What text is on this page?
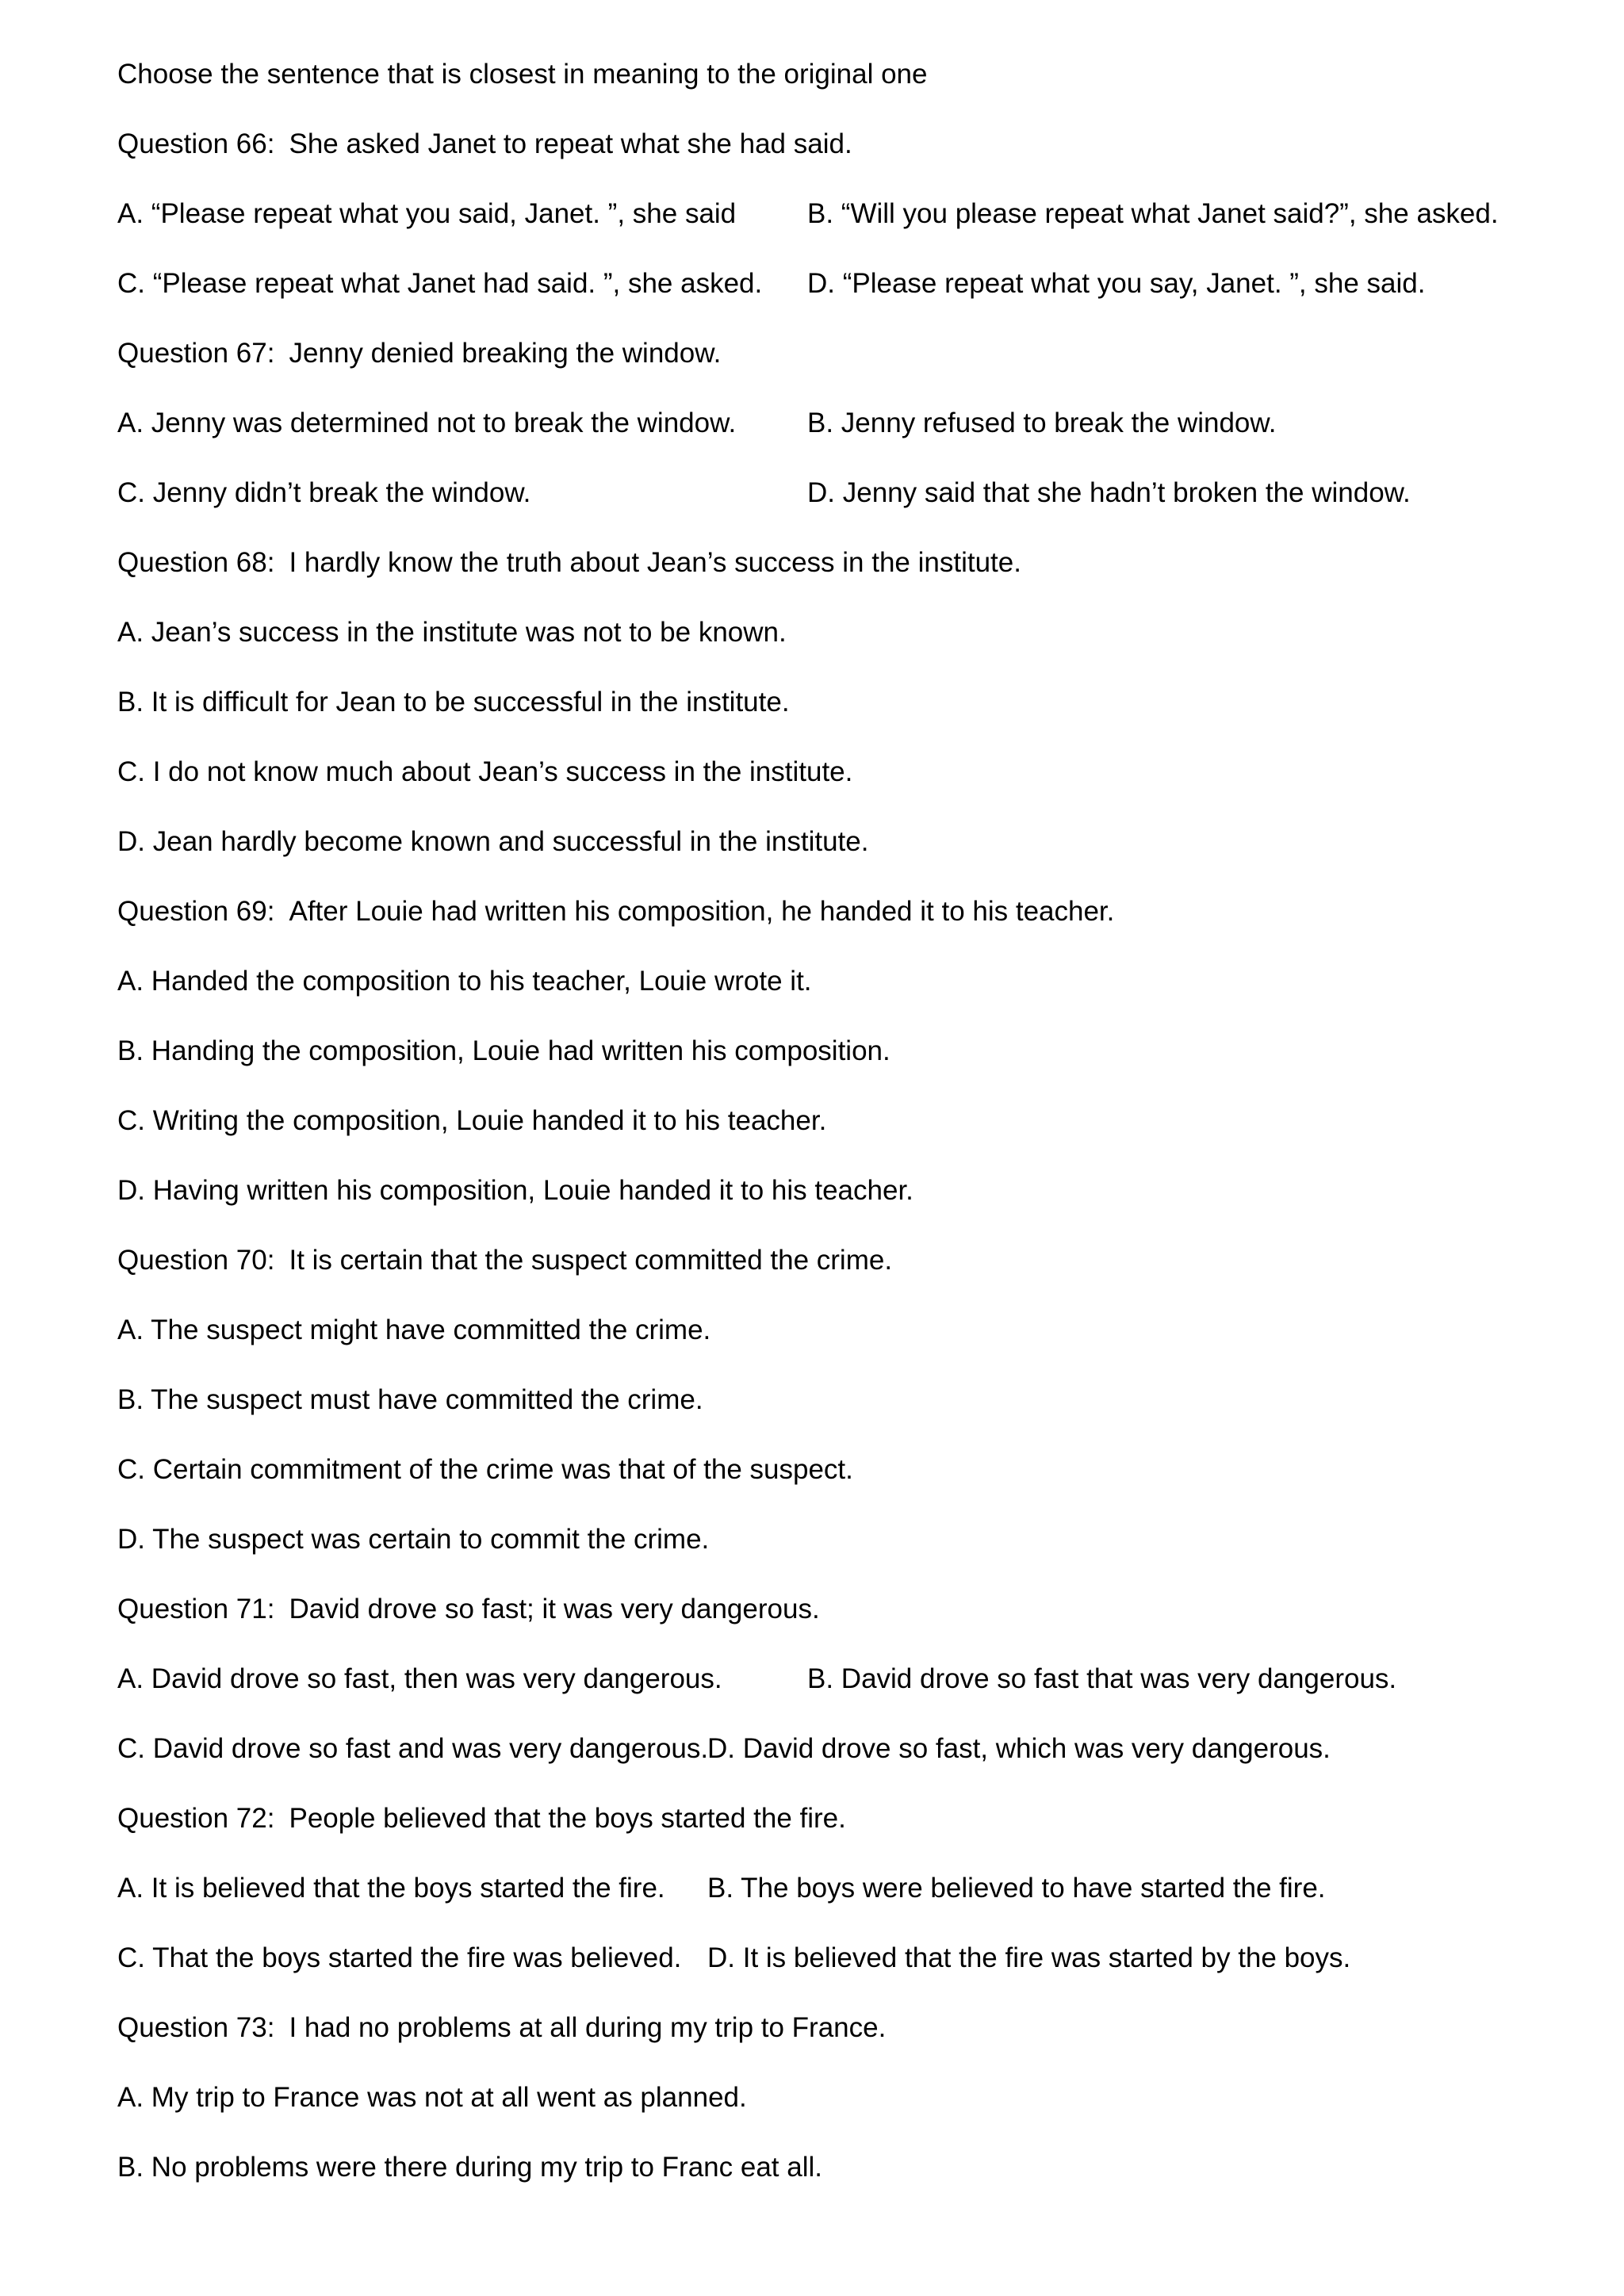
Choose the sentence that is closest in meaning to the original one
Question 66: She asked Janet to repeat what she had said.
A. “Please repeat what you said, Janet. ”, she said	B. “Will you please repeat what Janet said?”, she asked.
C. “Please repeat what Janet had said. ”, she asked.	D. “Please repeat what you say, Janet. ”, she said.
Question 67: Jenny denied breaking the window.
A. Jenny was determined not to break the window.	B. Jenny refused to break the window.
C. Jenny didn’t break the window.	D. Jenny said that she hadn’t broken the window.
Question 68: I hardly know the truth about Jean’s success in the institute.
A. Jean’s success in the institute was not to be known.
B. It is difficult for Jean to be successful in the institute.
C. I do not know much about Jean’s success in the institute.
D. Jean hardly become known and successful in the institute.
Question 69: After Louie had written his composition, he handed it to his teacher.
A. Handed the composition to his teacher, Louie wrote it.
B. Handing the composition, Louie had written his composition.
C. Writing the composition, Louie handed it to his teacher.
D. Having written his composition, Louie handed it to his teacher.
Question 70: It is certain that the suspect committed the crime.
A. The suspect might have committed the crime.
B. The suspect must have committed the crime.
C. Certain commitment of the crime was that of the suspect.
D. The suspect was certain to commit the crime.
Question 71: David drove so fast; it was very dangerous.
A. David drove so fast, then was very dangerous.	B. David drove so fast that was very dangerous.
C. David drove so fast and was very dangerous.
D. David drove so fast, which was very dangerous.
Question 72: People believed that the boys started the fire.
A. It is believed that the boys started the fire.	B. The boys were believed to have started the fire.
C. That the boys started the fire was believed. D. It is believed that the fire was started by the boys.
Question 73: I had no problems at all during my trip to France.
A. My trip to France was not at all went as planned.
B. No problems were there during my trip to Franc eat all.
